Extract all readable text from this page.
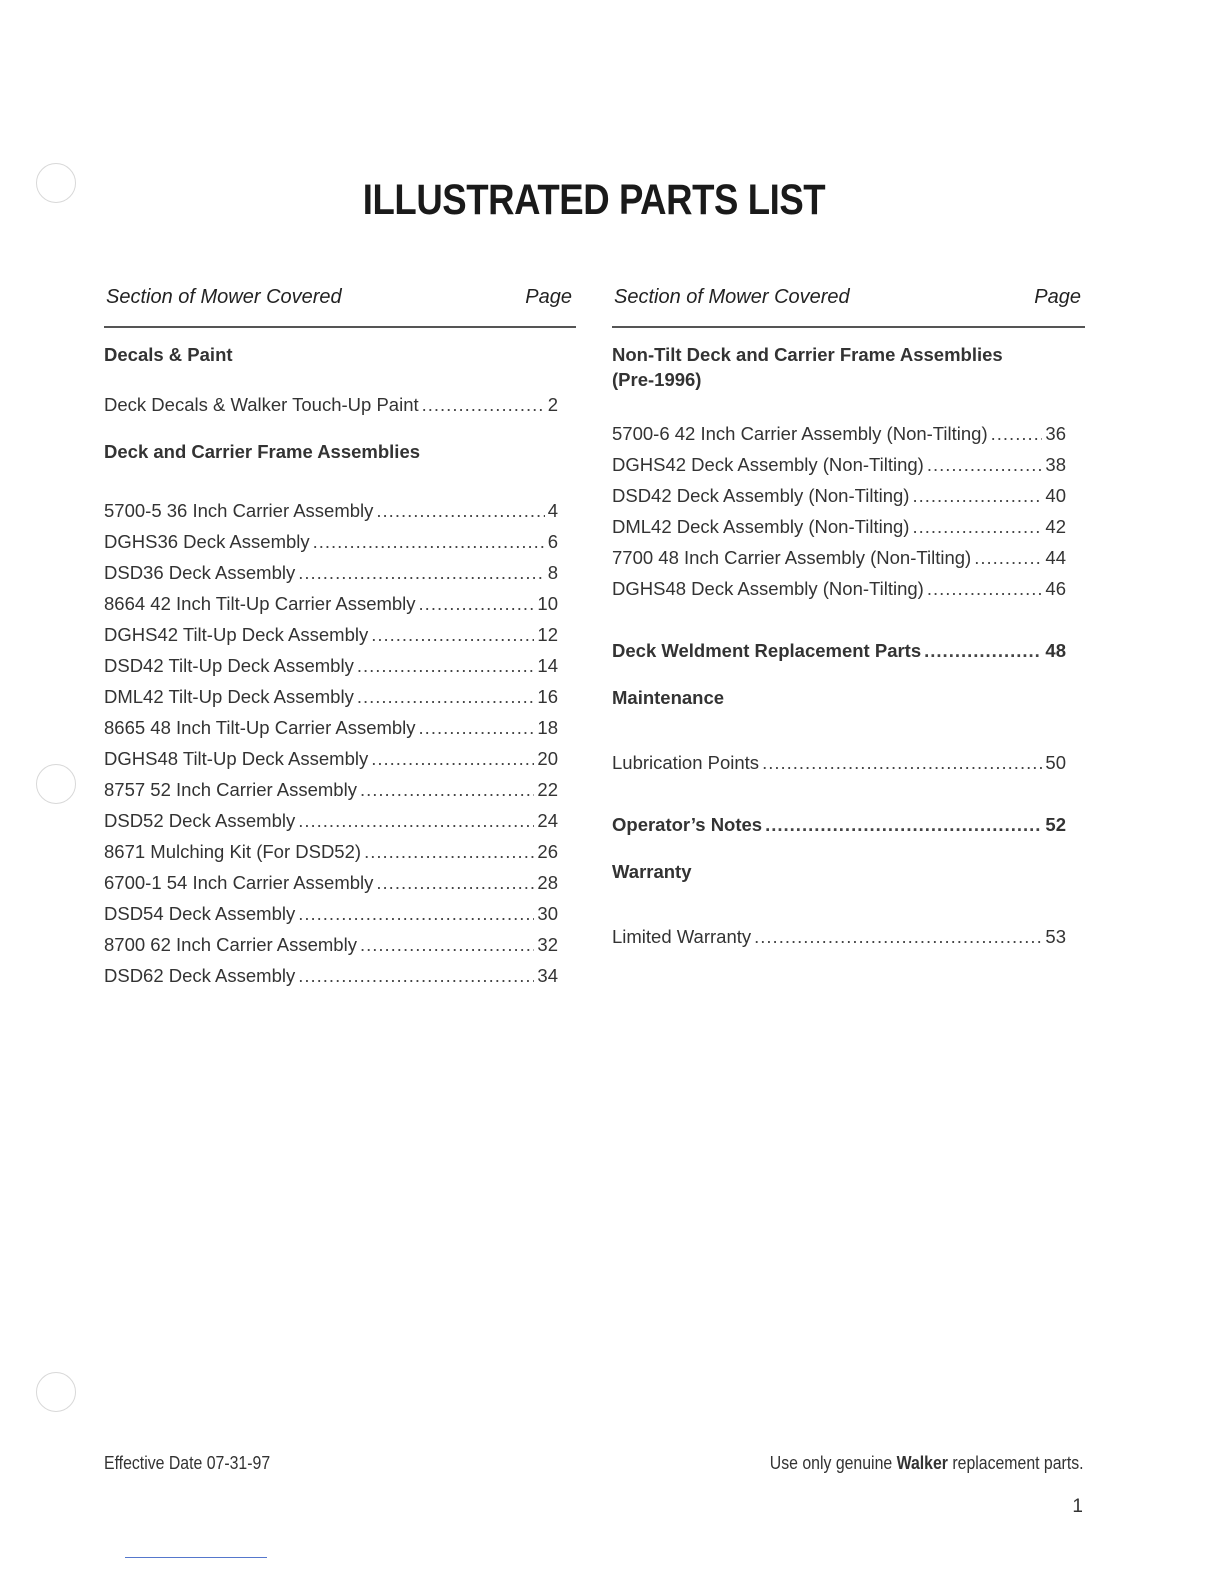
ILLUSTRATED PARTS LIST
Section of Mower Covered	Page
Decals & Paint
Deck Decals & Walker Touch-Up Paint .....	2
Deck and Carrier Frame Assemblies
5700-5 36 Inch Carrier Assembly .....	4
DGHS36 Deck Assembly .....	6
DSD36 Deck Assembly .....	8
8664 42 Inch Tilt-Up Carrier Assembly .....	10
DGHS42 Tilt-Up Deck Assembly .....	12
DSD42 Tilt-Up Deck Assembly .....	14
DML42 Tilt-Up Deck Assembly .....	16
8665 48 Inch Tilt-Up Carrier Assembly .....	18
DGHS48 Tilt-Up Deck Assembly .....	20
8757 52 Inch Carrier Assembly .....	22
DSD52 Deck Assembly .....	24
8671 Mulching Kit (For DSD52) .....	26
6700-1 54 Inch Carrier Assembly .....	28
DSD54 Deck Assembly .....	30
8700 62 Inch Carrier Assembly .....	32
DSD62 Deck Assembly .....	34
Section of Mower Covered	Page
Non-Tilt Deck and Carrier Frame Assemblies
(Pre-1996)
5700-6 42 Inch Carrier Assembly (Non-Tilting) .....	36
DGHS42 Deck Assembly (Non-Tilting) .....	38
DSD42 Deck Assembly (Non-Tilting) .....	40
DML42 Deck Assembly (Non-Tilting) .....	42
7700 48 Inch Carrier Assembly (Non-Tilting) .....	44
DGHS48 Deck Assembly (Non-Tilting) .....	46
Deck Weldment Replacement Parts .....	48
Maintenance
Lubrication Points .....	50
Operator’s Notes .....	52
Warranty
Limited Warranty .....	53
Effective Date 07-31-97	Use only genuine Walker replacement parts.
1
